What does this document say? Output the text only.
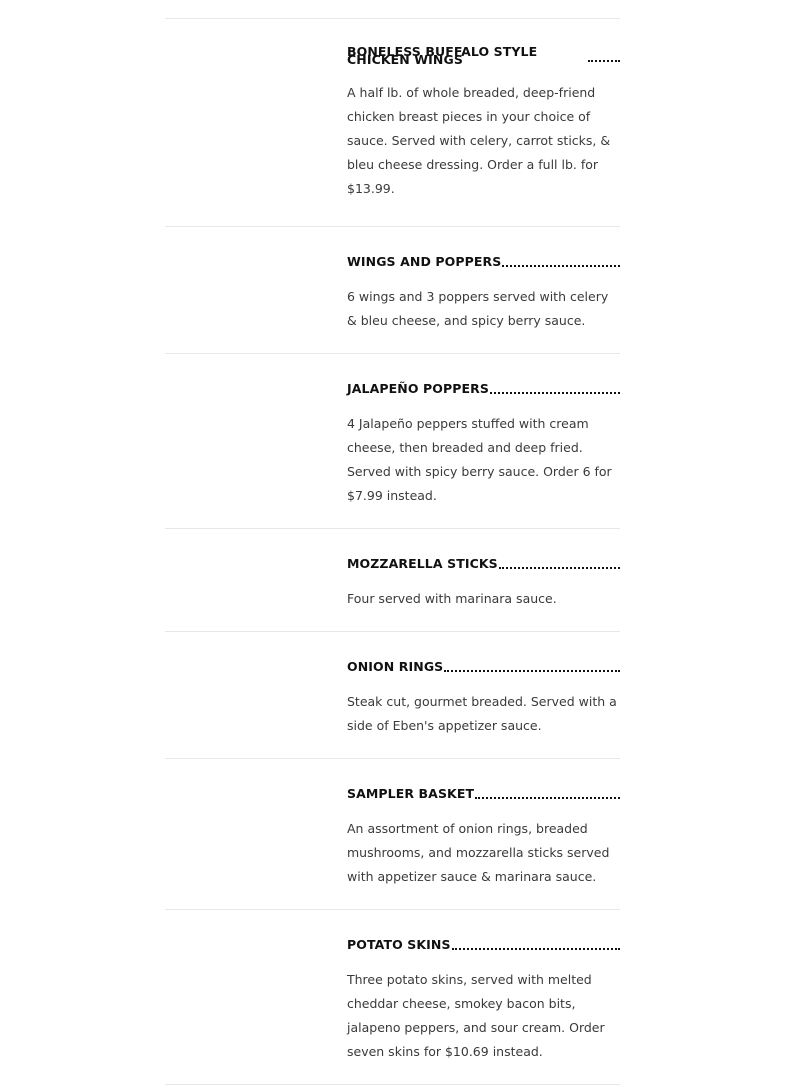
BONELESS BUFFALO STYLE CHICKEN WINGS
A half lb. of whole breaded, deep-friend chicken breast pieces in your choice of sauce. Served with celery, carrot sticks, & bleu cheese dressing. Order a full lb. for $13.99.
WINGS AND POPPERS
6 wings and 3 poppers served with celery & bleu cheese, and spicy berry sauce.
JALAPEÑO POPPERS
4 Jalapeño peppers stuffed with cream cheese, then breaded and deep fried. Served with spicy berry sauce. Order 6 for $7.99 instead.
MOZZARELLA STICKS
Four served with marinara sauce.
ONION RINGS
Steak cut, gourmet breaded. Served with a side of Eben's appetizer sauce.
SAMPLER BASKET
An assortment of onion rings, breaded mushrooms, and mozzarella sticks served with appetizer sauce & marinara sauce.
POTATO SKINS
Three potato skins, served with melted cheddar cheese, smokey bacon bits, jalapeno peppers, and sour cream. Order seven skins for $10.69 instead.
